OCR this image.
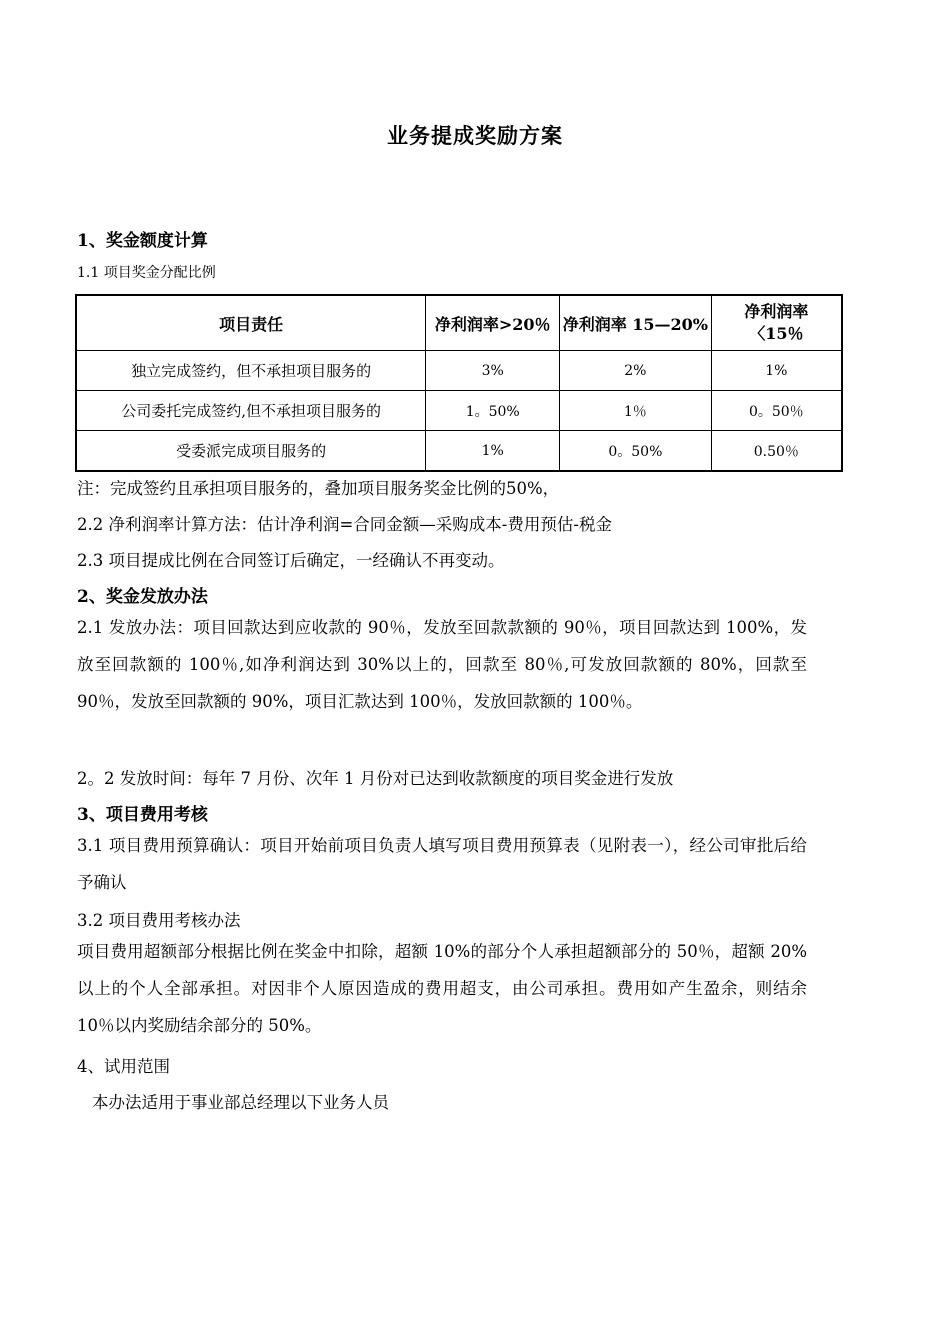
业务提成奖励方案
1、奖金额度计算
1.1 项目奖金分配比例
项目责任	净利润率>20％	净利润率 15—20%	净利润率〈15％
独立完成签约，但不承担项目服务的	3%	2%	1%
公司委托完成签约,但不承担项目服务的	1。50%	1％	0。50％
受委派完成项目服务的	1%	0。50%	0.50％
注：完成签约且承担项目服务的，叠加项目服务奖金比例的50%，
2.2 净利润率计算方法：估计净利润=合同金额—采购成本-费用预估-税金
2.3 项目提成比例在合同签订后确定，一经确认不再变动。
2、奖金发放办法
2.1 发放办法：项目回款达到应收款的 90％，发放至回款款额的 90％，项目回款达到 100%，发放至回款额的 100％,如净利润达到 30%以上的，回款至 80％,可发放回款额的 80%，回款至 90％，发放至回款额的 90%，项目汇款达到 100％，发放回款额的 100％。
2。2 发放时间：每年 7 月份、次年 1 月份对已达到收款额度的项目奖金进行发放
3、项目费用考核
3.1 项目费用预算确认：项目开始前项目负责人填写项目费用预算表（见附表一），经公司审批后给予确认
3.2 项目费用考核办法
项目费用超额部分根据比例在奖金中扣除，超额 10%的部分个人承担超额部分的 50％，超额 20%以上的个人全部承担。对因非个人原因造成的费用超支，由公司承担。费用如产生盈余，则结余 10％以内奖励结余部分的 50%。
4、试用范围
本办法适用于事业部总经理以下业务人员
